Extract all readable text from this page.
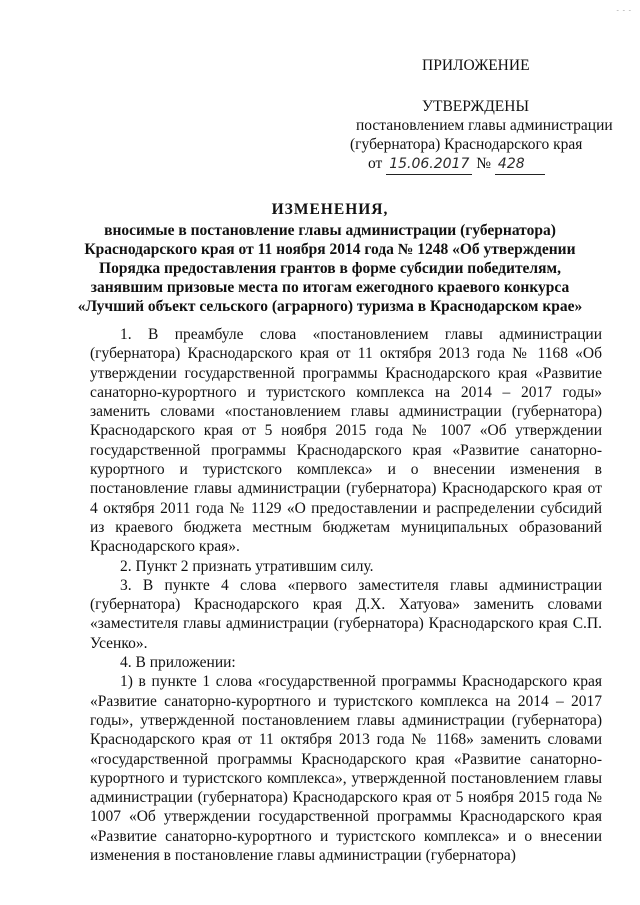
- - -
ПРИЛОЖЕНИЕ
УТВЕРЖДЕНЫ
постановлением главы администрации
(губернатора) Краснодарского края
от 15.06.2017 № 428
ИЗМЕНЕНИЯ,
вносимые в постановление главы администрации (губернатора)
Краснодарского края от 11 ноября 2014 года № 1248 «Об утверждении
Порядка предоставления грантов в форме субсидии победителям,
занявшим призовые места по итогам ежегодного краевого конкурса
«Лучший объект сельского (аграрного) туризма в Краснодарском крае»

1. В преамбуле слова «постановлением главы администрации (губернатора) Краснодарского края от 11 октября 2013 года № 1168 «Об утверждении государственной программы Краснодарского края «Развитие санаторно-курортного и туристского комплекса на 2014 – 2017 годы» заменить словами «постановлением главы администрации (губернатора) Краснодарского края от 5 ноября 2015 года № 1007 «Об утверждении государственной программы Краснодарского края «Развитие санаторно-курортного и туристского комплекса» и о внесении изменения в постановление главы администрации (губернатора) Краснодарского края от 4 октября 2011 года № 1129 «О предоставлении и распределении субсидий из краевого бюджета местным бюджетам муниципальных образований Краснодарского края».

2. Пункт 2 признать утратившим силу.

3. В пункте 4 слова «первого заместителя главы администрации (губернатора) Краснодарского края Д.Х. Хатуова» заменить словами «заместителя главы администрации (губернатора) Краснодарского края С.П. Усенко».

4. В приложении:

1) в пункте 1 слова «государственной программы Краснодарского края «Развитие санаторно-курортного и туристского комплекса на 2014 – 2017 годы», утвержденной постановлением главы администрации (губернатора) Краснодарского края от 11 октября 2013 года № 1168» заменить словами «государственной программы Краснодарского края «Развитие санаторно-курортного и туристского комплекса», утвержденной постановлением главы администрации (губернатора) Краснодарского края от 5 ноября 2015 года № 1007 «Об утверждении государственной программы Краснодарского края «Развитие санаторно-курортного и туристского комплекса» и о внесении изменения в постановление главы администрации (губернатора)
